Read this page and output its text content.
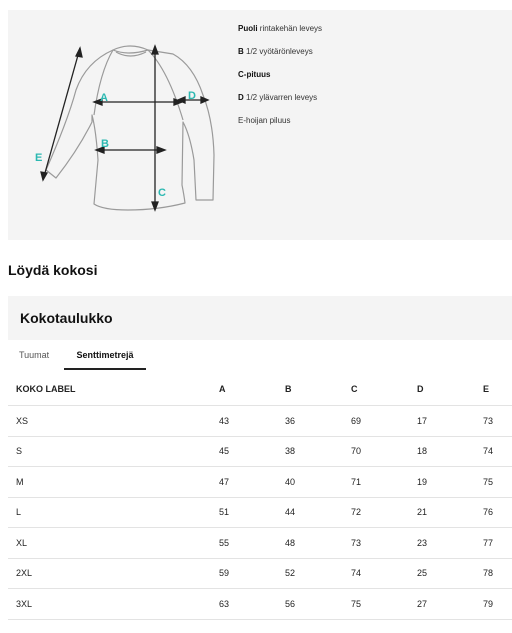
A
B
C
D
E
Puoli rintakehän leveys
B 1/2 vyötärönleveys
C-pituus
D 1/2 ylävarren leveys
E-hoijan piluus
Löydä kokosi
Kokotaulukko
Tuumat	Senttimetrejä
KOKO LABEL	A	B	C	D	E
XS	43	36	69	17	73
S	45	38	70	18	74
M	47	40	71	19	75
L	51	44	72	21	76
XL	55	48	73	23	77
2XL	59	52	74	25	78
3XL	63	56	75	27	79
